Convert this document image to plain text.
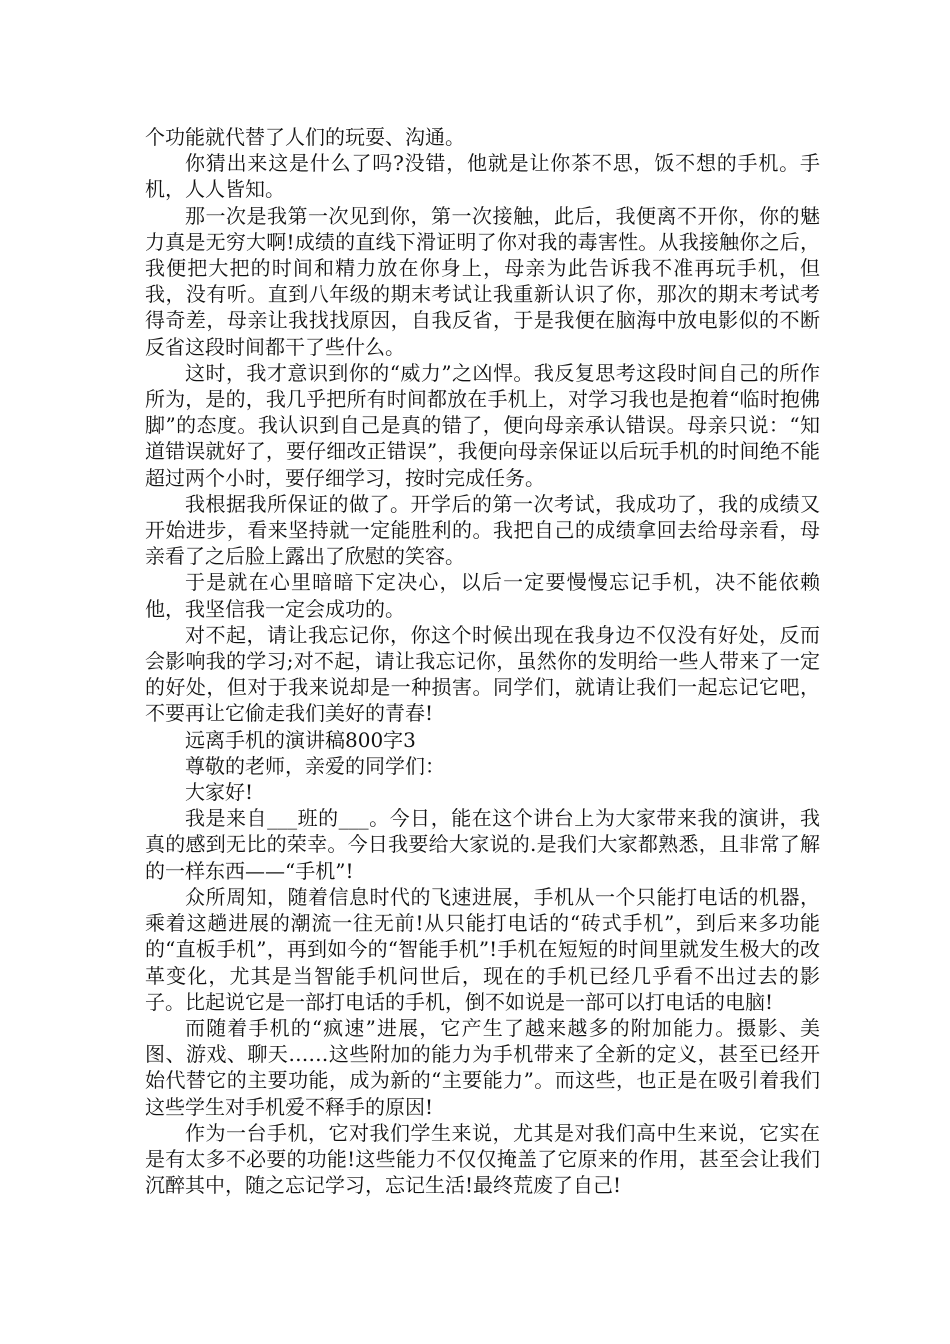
个功能就代替了人们的玩耍、沟通。

你猜出来这是什么了吗?没错，他就是让你茶不思，饭不想的手机。手机，人人皆知。

那一次是我第一次见到你，第一次接触，此后，我便离不开你，你的魅力真是无穷大啊!成绩的直线下滑证明了你对我的毒害性。从我接触你之后，我便把大把的时间和精力放在你身上，母亲为此告诉我不准再玩手机，但我，没有听。直到八年级的期末考试让我重新认识了你，那次的期末考试考得奇差，母亲让我找找原因，自我反省，于是我便在脑海中放电影似的不断反省这段时间都干了些什么。

这时，我才意识到你的“威力”之凶悍。我反复思考这段时间自己的所作所为，是的，我几乎把所有时间都放在手机上，对学习我也是抱着“临时抱佛脚”的态度。我认识到自己是真的错了，便向母亲承认错误。母亲只说：“知道错误就好了，要仔细改正错误”，我便向母亲保证以后玩手机的时间绝不能超过两个小时，要仔细学习，按时完成任务。

我根据我所保证的做了。开学后的第一次考试，我成功了，我的成绩又开始进步，看来坚持就一定能胜利的。我把自己的成绩拿回去给母亲看，母亲看了之后脸上露出了欣慰的笑容。

于是就在心里暗暗下定决心，以后一定要慢慢忘记手机，决不能依赖他，我坚信我一定会成功的。

对不起，请让我忘记你，你这个时候出现在我身边不仅没有好处，反而会影响我的学习;对不起，请让我忘记你，虽然你的发明给一些人带来了一定的好处，但对于我来说却是一种损害。同学们，就请让我们一起忘记它吧，不要再让它偷走我们美好的青春!

远离手机的演讲稿800字3

尊敬的老师，亲爱的同学们：

大家好!

我是来自___班的___。今日，能在这个讲台上为大家带来我的演讲，我真的感到无比的荣幸。今日我要给大家说的.是我们大家都熟悉，且非常了解的一样东西——“手机”!

众所周知，随着信息时代的飞速进展，手机从一个只能打电话的机器，乘着这趟进展的潮流一往无前!从只能打电话的“砖式手机”，到后来多功能的“直板手机”，再到如今的“智能手机”!手机在短短的时间里就发生极大的改革变化，尤其是当智能手机问世后，现在的手机已经几乎看不出过去的影子。比起说它是一部打电话的手机，倒不如说是一部可以打电话的电脑!

而随着手机的“疯速”进展，它产生了越来越多的附加能力。摄影、美图、游戏、聊天……这些附加的能力为手机带来了全新的定义，甚至已经开始代替它的主要功能，成为新的“主要能力”。而这些，也正是在吸引着我们这些学生对手机爱不释手的原因!

作为一台手机，它对我们学生来说，尤其是对我们高中生来说，它实在是有太多不必要的功能!这些能力不仅仅掩盖了它原来的作用，甚至会让我们沉醉其中，随之忘记学习，忘记生活!最终荒废了自己!
